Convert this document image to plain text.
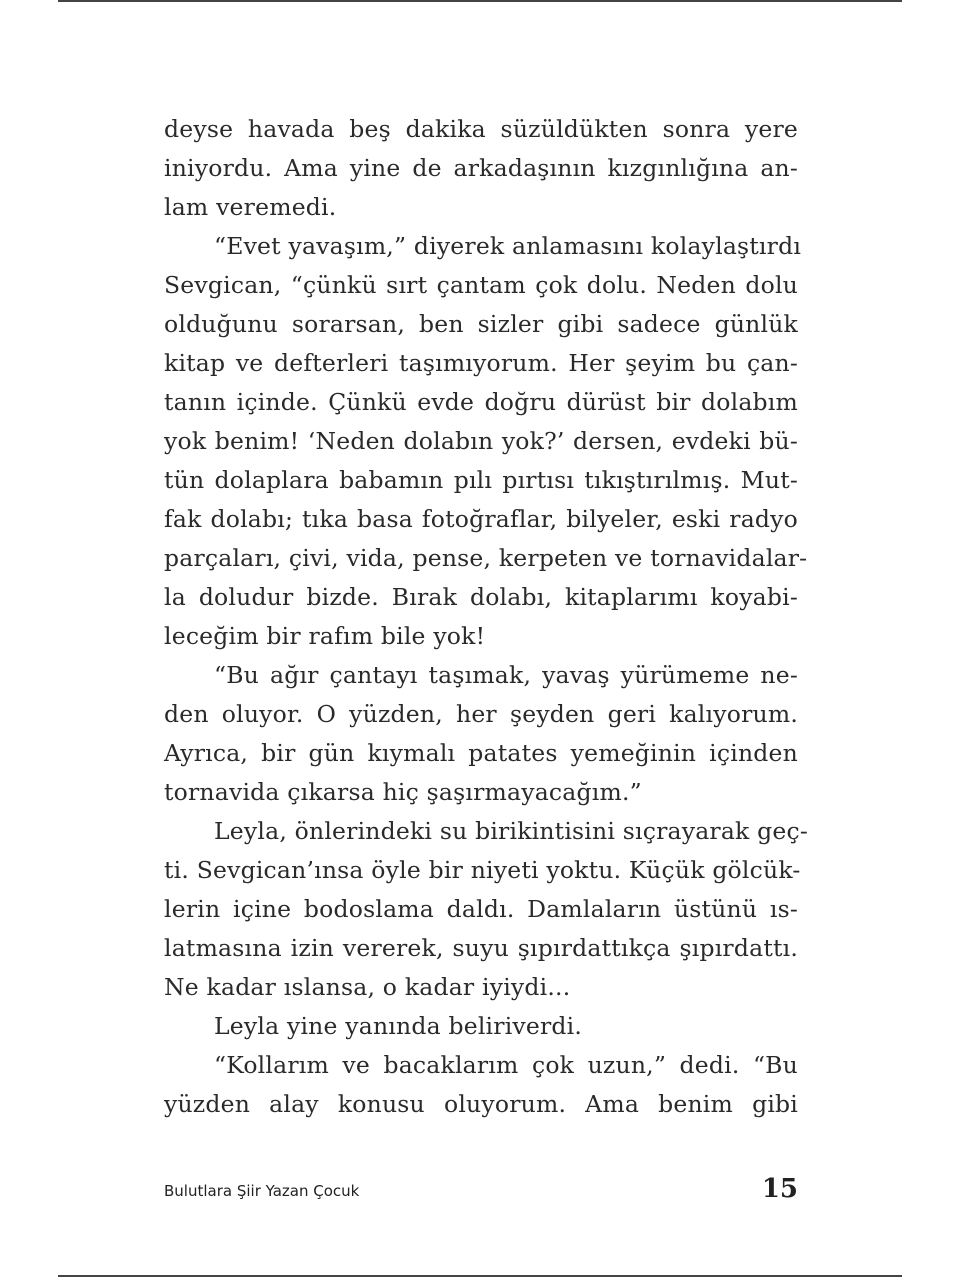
deyse havada beş dakika süzüldükten sonra yere
iniyordu. Ama yine de arkadaşının kızgınlığına an-
lam veremedi.
“Evet yavaşım,” diyerek anlamasını kolaylaştırdı
Sevgican, “çünkü sırt çantam çok dolu. Neden dolu
olduğunu sorarsan, ben sizler gibi sadece günlük
kitap ve defterleri taşımıyorum. Her şeyim bu çan-
tanın içinde. Çünkü evde doğru dürüst bir dolabım
yok benim! ‘Neden dolabın yok?’ dersen, evdeki bü-
tün dolaplara babamın pılı pırtısı tıkıştırılmış. Mut-
fak dolabı; tıka basa fotoğraflar, bilyeler, eski radyo
parçaları, çivi, vida, pense, kerpeten ve tornavidalar-
la doludur bizde. Bırak dolabı, kitaplarımı koyabi-
leceğim bir rafım bile yok!
“Bu ağır çantayı taşımak, yavaş yürümeme ne-
den oluyor. O yüzden, her şeyden geri kalıyorum.
Ayrıca, bir gün kıymalı patates yemeğinin içinden
tornavida çıkarsa hiç şaşırmayacağım.”
Leyla, önlerindeki su birikintisini sıçrayarak geç-
ti. Sevgican’ınsa öyle bir niyeti yoktu. Küçük gölcük-
lerin içine bodoslama daldı. Damlaların üstünü ıs-
latmasına izin vererek, suyu şıpırdattıkça şıpırdattı.
Ne kadar ıslansa, o kadar iyiydi...
Leyla yine yanında beliriverdi.
“Kollarım ve bacaklarım çok uzun,” dedi. “Bu
yüzden alay konusu oluyorum. Ama benim gibi
Bulutlara Şiir Yazan Çocuk	15
